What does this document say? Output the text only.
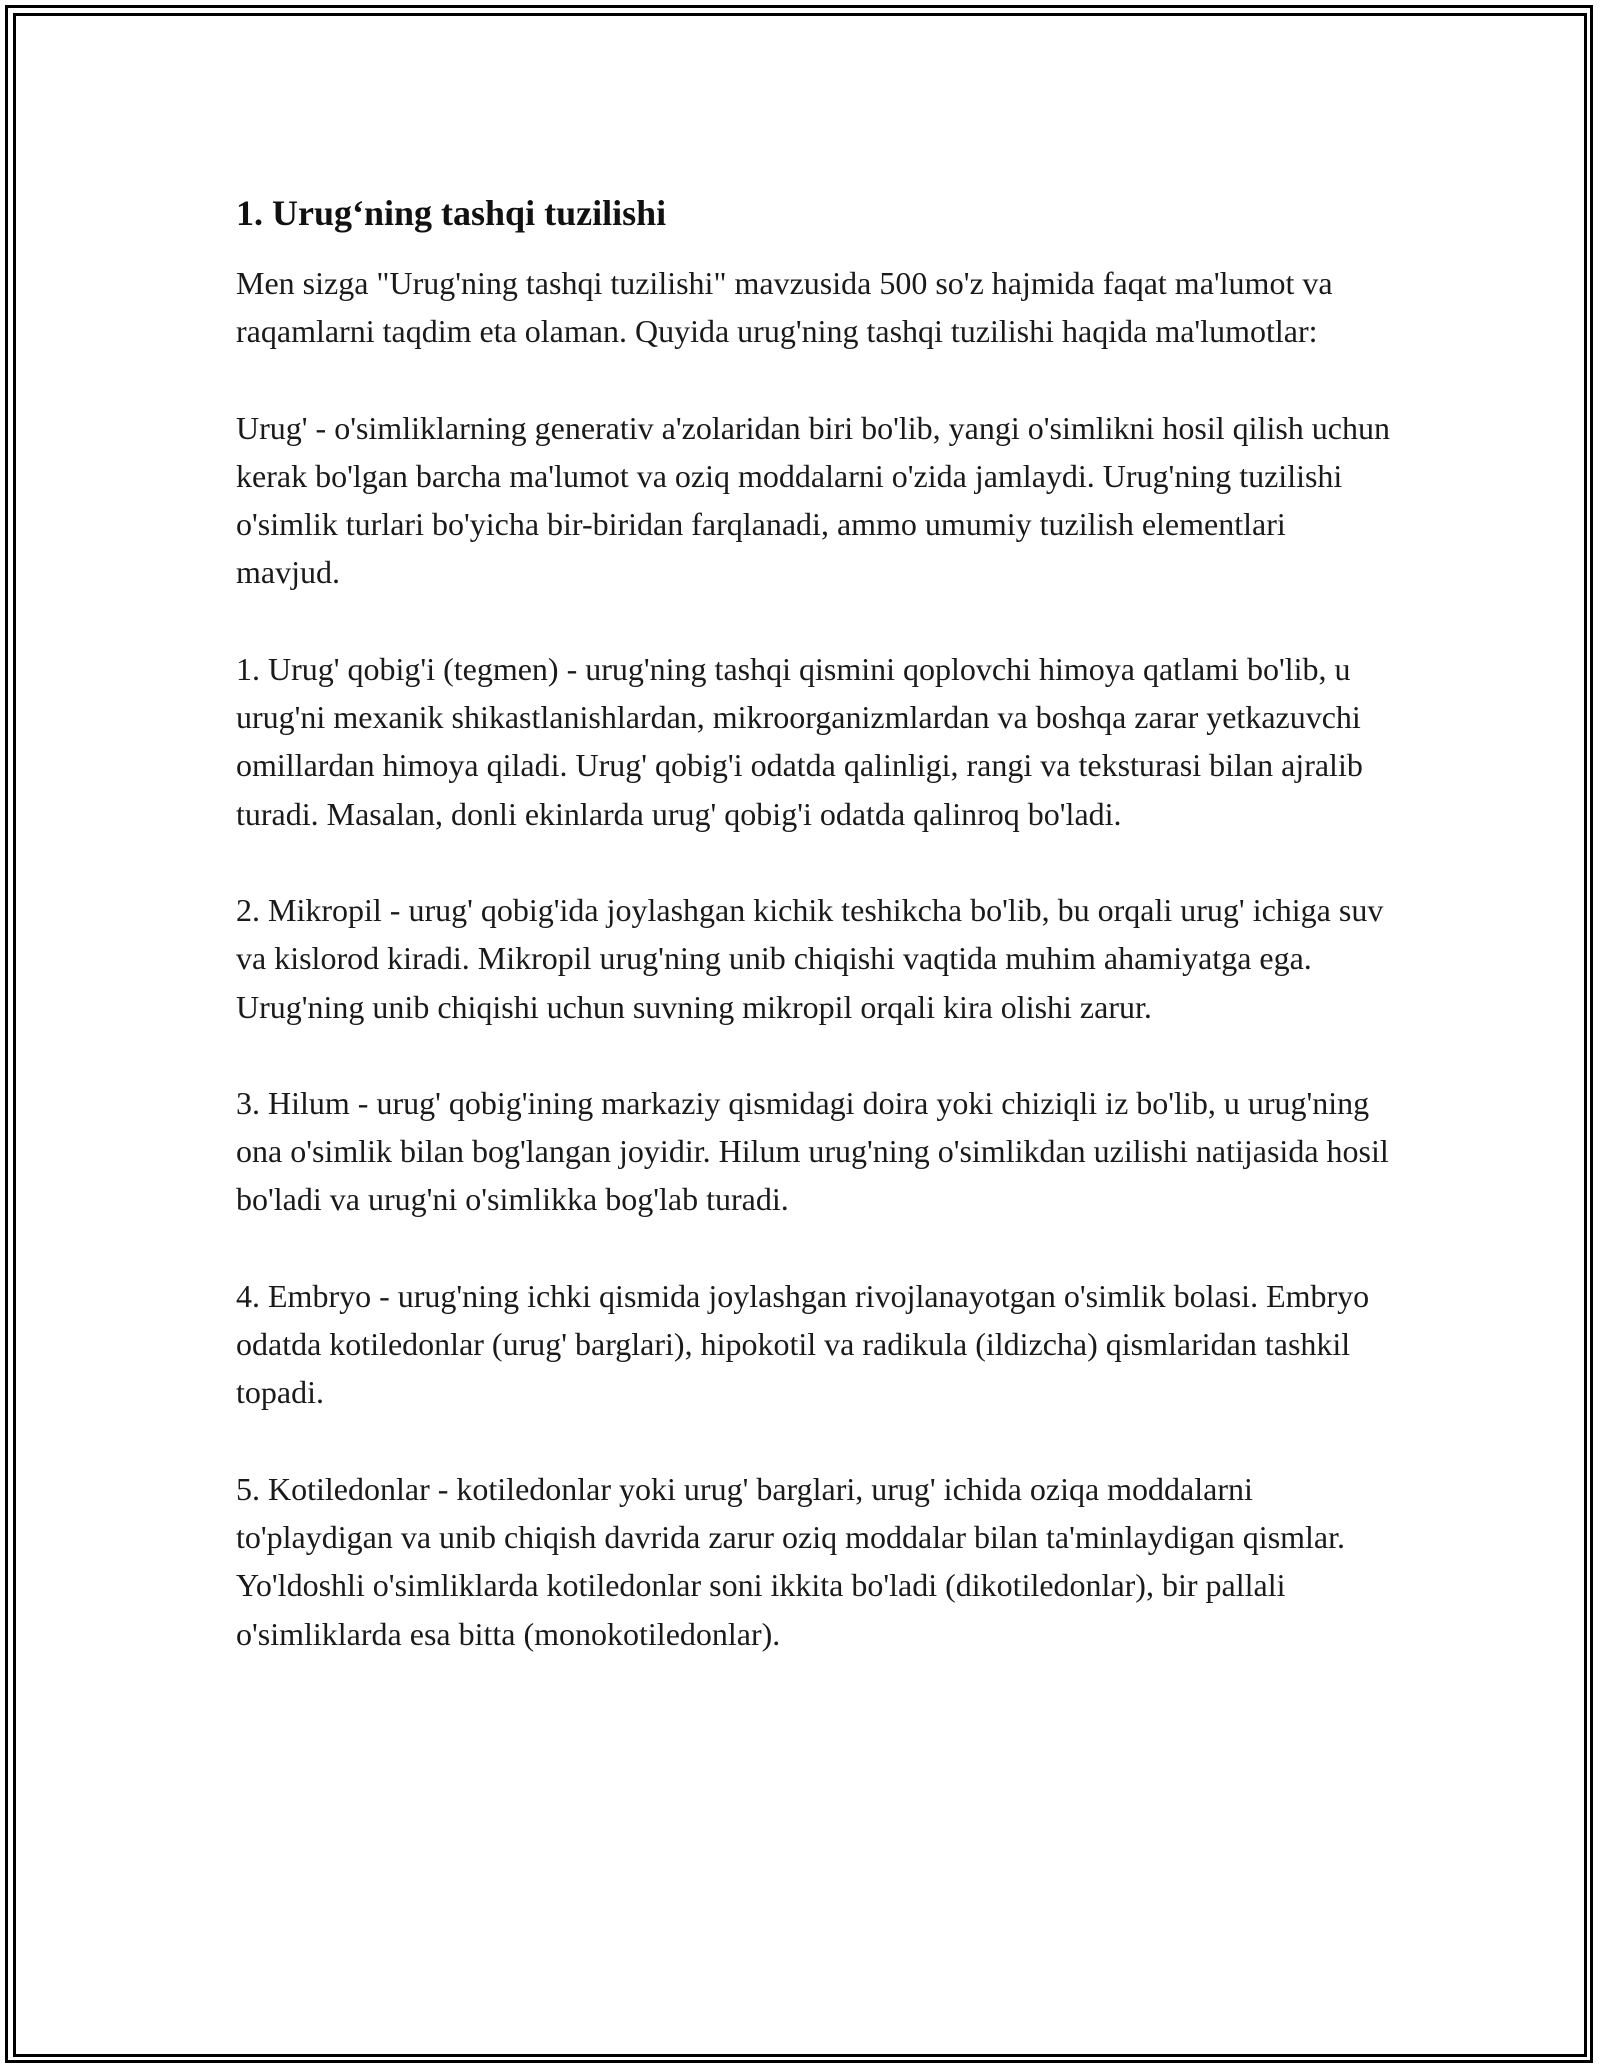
1. Urug‘ning tashqi tuzilishi

Men sizga "Urug'ning tashqi tuzilishi" mavzusida 500 so'z hajmida faqat ma'lumot va raqamlarni taqdim eta olaman. Quyida urug'ning tashqi tuzilishi haqida ma'lumotlar:

Urug' - o'simliklarning generativ a'zolaridan biri bo'lib, yangi o'simlikni hosil qilish uchun kerak bo'lgan barcha ma'lumot va oziq moddalarni o'zida jamlaydi. Urug'ning tuzilishi o'simlik turlari bo'yicha bir-biridan farqlanadi, ammo umumiy tuzilish elementlari mavjud.

1. Urug' qobig'i (tegmen) - urug'ning tashqi qismini qoplovchi himoya qatlami bo'lib, u urug'ni mexanik shikastlanishlardan, mikroorganizmlardan va boshqa zarar yetkazuvchi omillardan himoya qiladi. Urug' qobig'i odatda qalinligi, rangi va teksturasi bilan ajralib turadi. Masalan, donli ekinlarda urug' qobig'i odatda qalinroq bo'ladi.

2. Mikropil - urug' qobig'ida joylashgan kichik teshikcha bo'lib, bu orqali urug' ichiga suv va kislorod kiradi. Mikropil urug'ning unib chiqishi vaqtida muhim ahamiyatga ega. Urug'ning unib chiqishi uchun suvning mikropil orqali kira olishi zarur.

3. Hilum - urug' qobig'ining markaziy qismidagi doira yoki chiziqli iz bo'lib, u urug'ning ona o'simlik bilan bog'langan joyidir. Hilum urug'ning o'simlikdan uzilishi natijasida hosil bo'ladi va urug'ni o'simlikka bog'lab turadi.

4. Embryo - urug'ning ichki qismida joylashgan rivojlanayotgan o'simlik bolasi. Embryo odatda kotiledonlar (urug' barglari), hipokotil va radikula (ildizcha) qismlaridan tashkil topadi.

5. Kotiledonlar - kotiledonlar yoki urug' barglari, urug' ichida oziqa moddalarni to'playdigan va unib chiqish davrida zarur oziq moddalar bilan ta'minlaydigan qismlar. Yo'ldoshli o'simliklarda kotiledonlar soni ikkita bo'ladi (dikotiledonlar), bir pallali o'simliklarda esa bitta (monokotiledonlar).
